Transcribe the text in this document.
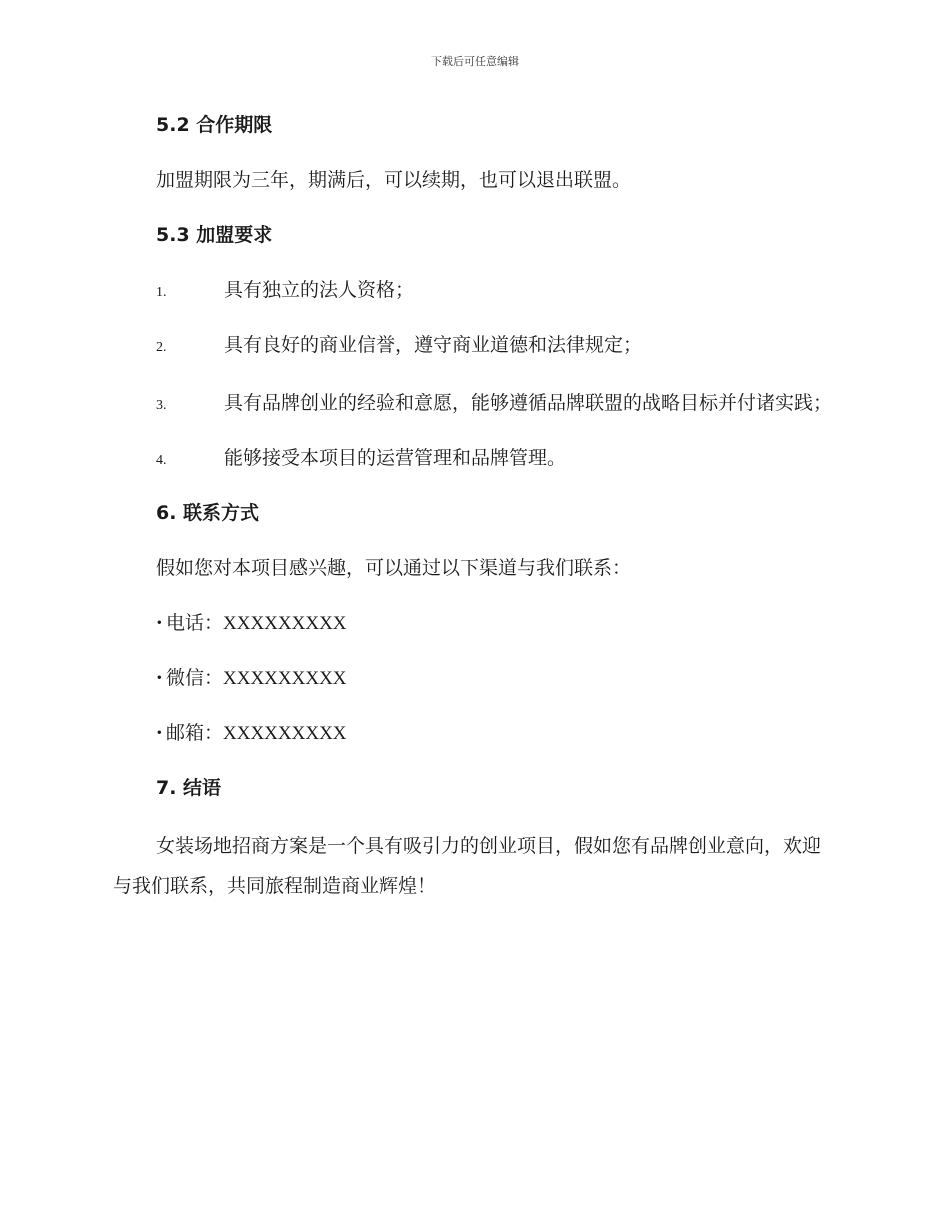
下载后可任意编辑
5.2 合作期限
加盟期限为三年，期满后，可以续期，也可以退出联盟。
5.3 加盟要求
1.	具有独立的法人资格；
2.	具有良好的商业信誉，遵守商业道德和法律规定；
3.	具有品牌创业的经验和意愿，能够遵循品牌联盟的战略目标并付诸实践；
4.	能够接受本项目的运营管理和品牌管理。
6. 联系方式
假如您对本项目感兴趣，可以通过以下渠道与我们联系：
· 电话：XXXXXXXXX
· 微信：XXXXXXXXX
· 邮箱：XXXXXXXXX
7. 结语
女装场地招商方案是一个具有吸引力的创业项目，假如您有品牌创业意向，欢迎与我们联系，共同旅程制造商业辉煌！
